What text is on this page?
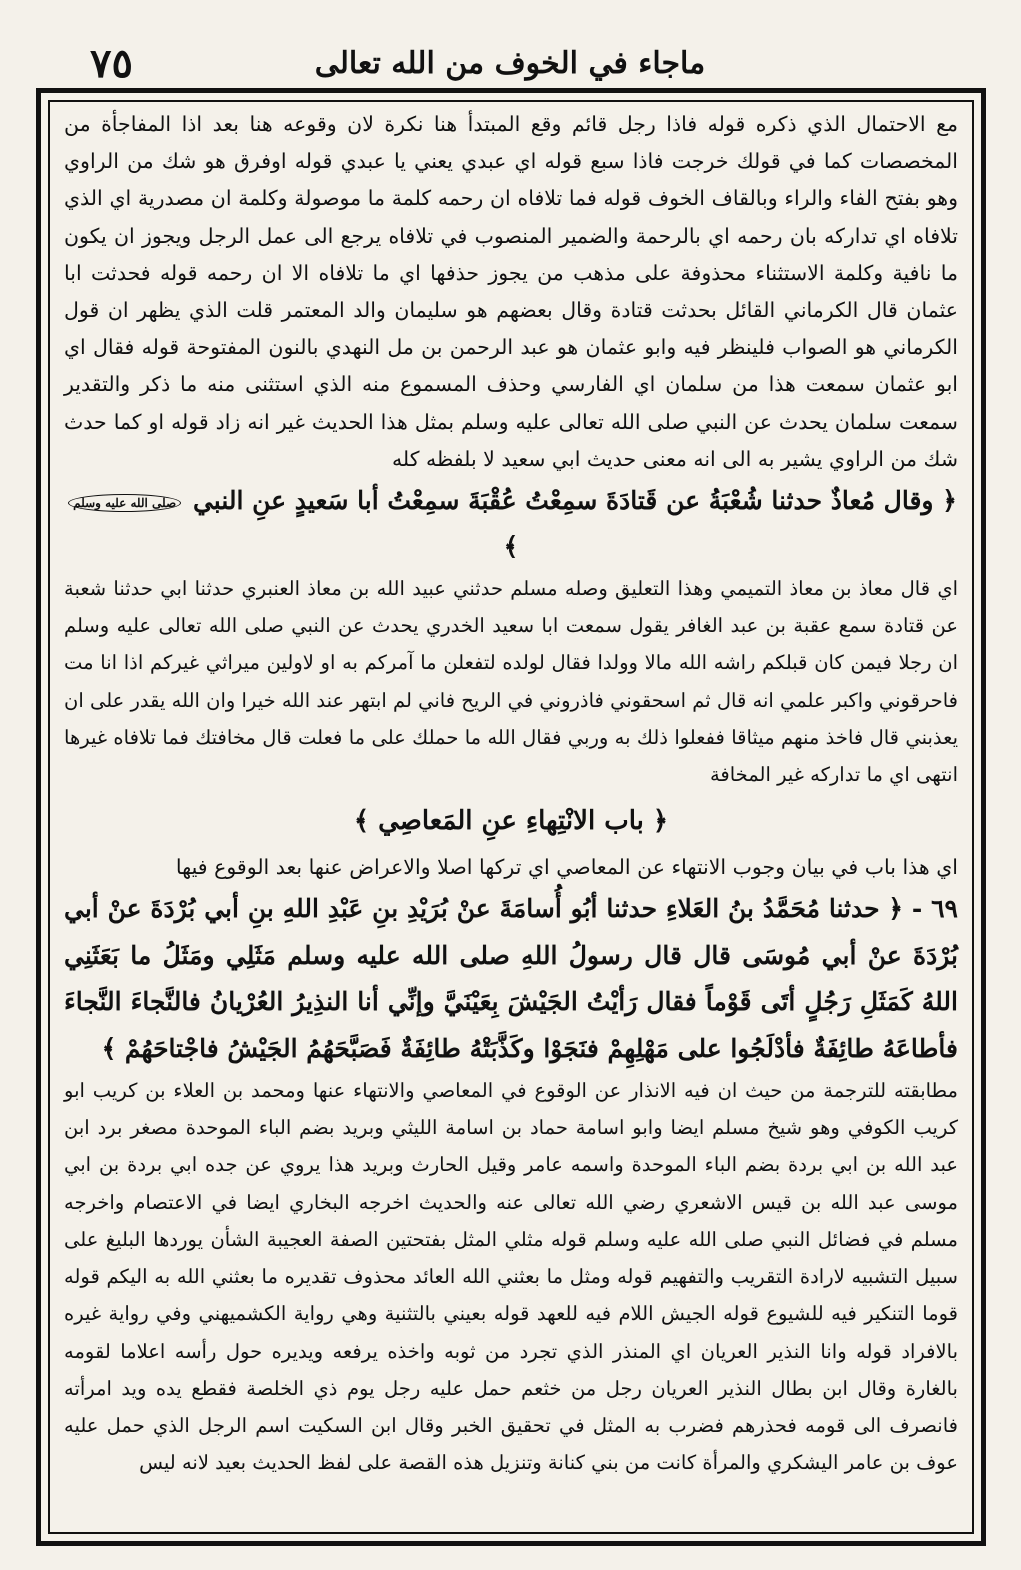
٧٥	ماجاء في الخوف من الله تعالى

مع الاحتمال الذي ذكره قوله فاذا رجل قائم وقع المبتدأ هنا نكرة لان وقوعه هنا بعد اذا المفاجأة من المخصصات كما في قولك خرجت فاذا سبع قوله اي عبدي يعني يا عبدي قوله اوفرق هو شك من الراوي وهو بفتح الفاء والراء وبالقاف الخوف قوله فما تلافاه ان رحمه كلمة ما موصولة وكلمة ان مصدرية اي الذي تلافاه اي تداركه بان رحمه اي بالرحمة والضمير المنصوب في تلافاه يرجع الى عمل الرجل ويجوز ان يكون ما نافية وكلمة الاستثناء محذوفة على مذهب من يجوز حذفها اي ما تلافاه الا ان رحمه قوله فحدثت ابا عثمان قال الكرماني القائل بحدثت قتادة وقال بعضهم هو سليمان والد المعتمر قلت الذي يظهر ان قول الكرماني هو الصواب فلينظر فيه وابو عثمان هو عبد الرحمن بن مل النهدي بالنون المفتوحة قوله فقال اي ابو عثمان سمعت هذا من سلمان اي الفارسي وحذف المسموع منه الذي استثنى منه ما ذكر والتقدير سمعت سلمان يحدث عن النبي صلى الله تعالى عليه وسلم بمثل هذا الحديث غير انه زاد قوله او كما حدث شك من الراوي يشير به الى انه معنى حديث ابي سعيد لا بلفظه كله

﴿ وقال مُعاذٌ حدثنا شُعْبَةُ عن قَتادَةَ سمِعْتُ عُقْبَةَ سمِعْتُ أبا سَعيدٍ عنِ النبي صلى الله عليه وسلم ﴾

اي قال معاذ بن معاذ التميمي وهذا التعليق وصله مسلم حدثني عبيد الله بن معاذ العنبري حدثنا ابي حدثنا شعبة عن قتادة سمع عقبة بن عبد الغافر يقول سمعت ابا سعيد الخدري يحدث عن النبي صلى الله تعالى عليه وسلم ان رجلا فيمن كان قبلكم راشه الله مالا وولدا فقال لولده لتفعلن ما آمركم به او لاولين ميراثي غيركم اذا انا مت فاحرقوني واكبر علمي انه قال ثم اسحقوني فاذروني في الريح فاني لم ابتهر عند الله خيرا وان الله يقدر على ان يعذبني قال فاخذ منهم ميثاقا ففعلوا ذلك به وربي فقال الله ما حملك على ما فعلت قال مخافتك فما تلافاه غيرها انتهى اي ما تداركه غير المخافة

﴿ باب الانْتِهاءِ عنِ المَعاصِي ﴾

اي هذا باب في بيان وجوب الانتهاء عن المعاصي اي تركها اصلا والاعراض عنها بعد الوقوع فيها

٦٩ - ﴿ حدثنا مُحَمَّدُ بنُ العَلاءِ حدثنا أبُو أُسامَةَ عنْ بُرَيْدِ بنِ عَبْدِ اللهِ بنِ أبي بُرْدَةَ عنْ أبي بُرْدَةَ عنْ أبي مُوسَى قال قال رسولُ اللهِ صلى الله عليه وسلم مَثَلِي ومَثَلُ ما بَعَثَنِي اللهُ كَمَثَلِ رَجُلٍ أتَى قَوْماً فقال رَأيْتُ الجَيْشَ بِعَيْنَيَّ وإنِّي أنا النذِيرُ العُرْيانُ فالنَّجاءَ النَّجاءَ فأطاعَهُ طائِفَةٌ فأدْلَجُوا على مَهْلِهِمْ فنَجَوْا وكَذَّبَتْهُ طائِفَةٌ فَصَبَّحَهُمُ الجَيْشُ فاجْتاحَهُمْ ﴾

مطابقته للترجمة من حيث ان فيه الانذار عن الوقوع في المعاصي والانتهاء عنها ومحمد بن العلاء بن كريب ابو كريب الكوفي وهو شيخ مسلم ايضا وابو اسامة حماد بن اسامة الليثي وبريد بضم الباء الموحدة مصغر برد ابن عبد الله بن ابي بردة بضم الباء الموحدة واسمه عامر وقيل الحارث وبريد هذا يروي عن جده ابي بردة بن ابي موسى عبد الله بن قيس الاشعري رضي الله تعالى عنه والحديث اخرجه البخاري ايضا في الاعتصام واخرجه مسلم في فضائل النبي صلى الله عليه وسلم قوله مثلي المثل بفتحتين الصفة العجيبة الشأن يوردها البليغ على سبيل التشبيه لارادة التقريب والتفهيم قوله ومثل ما بعثني الله العائد محذوف تقديره ما بعثني الله به اليكم قوله قوما التنكير فيه للشيوع قوله الجيش اللام فيه للعهد قوله بعيني بالتثنية وهي رواية الكشميهني وفي رواية غيره بالافراد قوله وانا النذير العريان اي المنذر الذي تجرد من ثوبه واخذه يرفعه ويديره حول رأسه اعلاما لقومه بالغارة وقال ابن بطال النذير العريان رجل من خثعم حمل عليه رجل يوم ذي الخلصة فقطع يده ويد امرأته فانصرف الى قومه فحذرهم فضرب به المثل في تحقيق الخبر وقال ابن السكيت اسم الرجل الذي حمل عليه عوف بن عامر اليشكري والمرأة كانت من بني كنانة وتنزيل هذه القصة على لفظ الحديث بعيد لانه ليس
